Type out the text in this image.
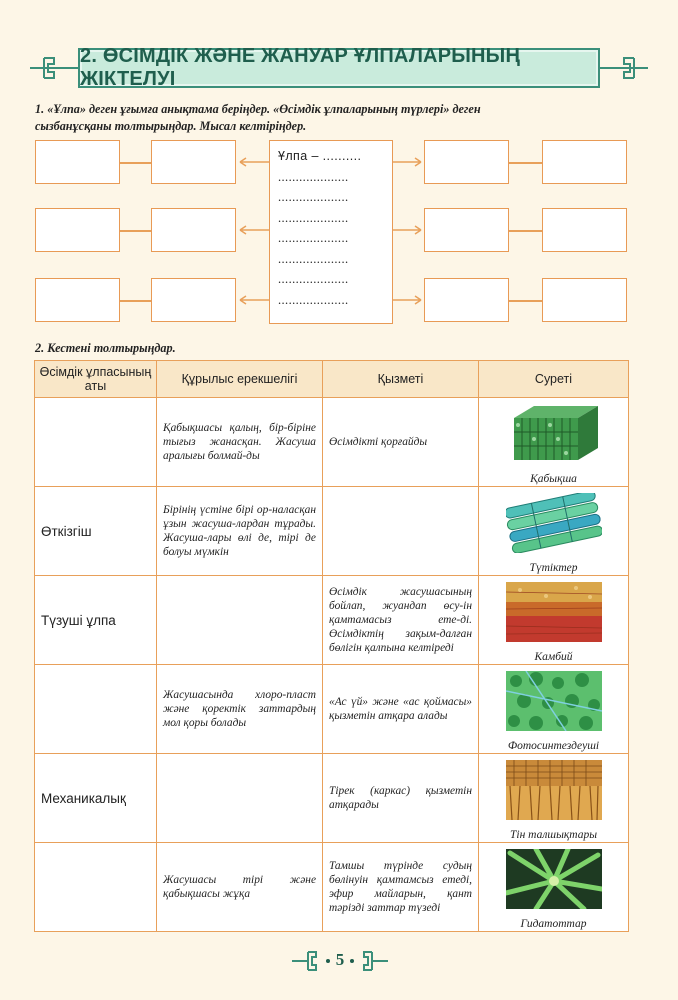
2. ӨСІМДІК ЖӘНЕ ЖАНУАР ҰЛПАЛАРЫНЫҢ ЖІКТЕЛУІ
1. «Ұлпа» деген ұғымға анықтама беріңдер. «Өсімдік ұлпаларының түрлері» деген
сызбанұсқаны толтырыңдар. Мысал келтіріңдер.
Ұлпа – ..........
....................
....................
....................
....................
....................
....................
....................
2. Кестені толтырыңдар.
Өсімдік ұлпасының аты	Құрылыс ерекшелігі	Қызметі	Суреті
	Қабықшасы қалың, бір-біріне тығыз жанасқан. Жасуша аралығы болмай-ды	Өсімдікті қорғайды	Қабықша

Өткізгіш	Бірінің үстіне бірі ор-наласқан ұзын жасуша-лардан тұрады. Жасуша-лары өлі де, тірі де болуы мүмкін		Түтіктер

Түзуші ұлпа		Өсімдік жасушасының бойлап, жуандап өсу-ін қамтамасыз ете-ді. Өсімдіктің зақым-далған бөлігін қалпына келтіреді	Камбий

	Жасушасында хлоро-пласт және қоректік заттардың мол қоры болады	«Ас үй» және «ас қоймасы» қызметін атқара алады	Фотосинтездеуші

Механикалық		Тірек (каркас) қызметін атқарады	Тін талшықтары

	Жасушасы тірі және қабықшасы жұқа	Тамшы түрінде судың бөлінуін қамтамсыз етеді, эфир майларын, қант тәрізді заттар түзеді	Гидатоттар
5
